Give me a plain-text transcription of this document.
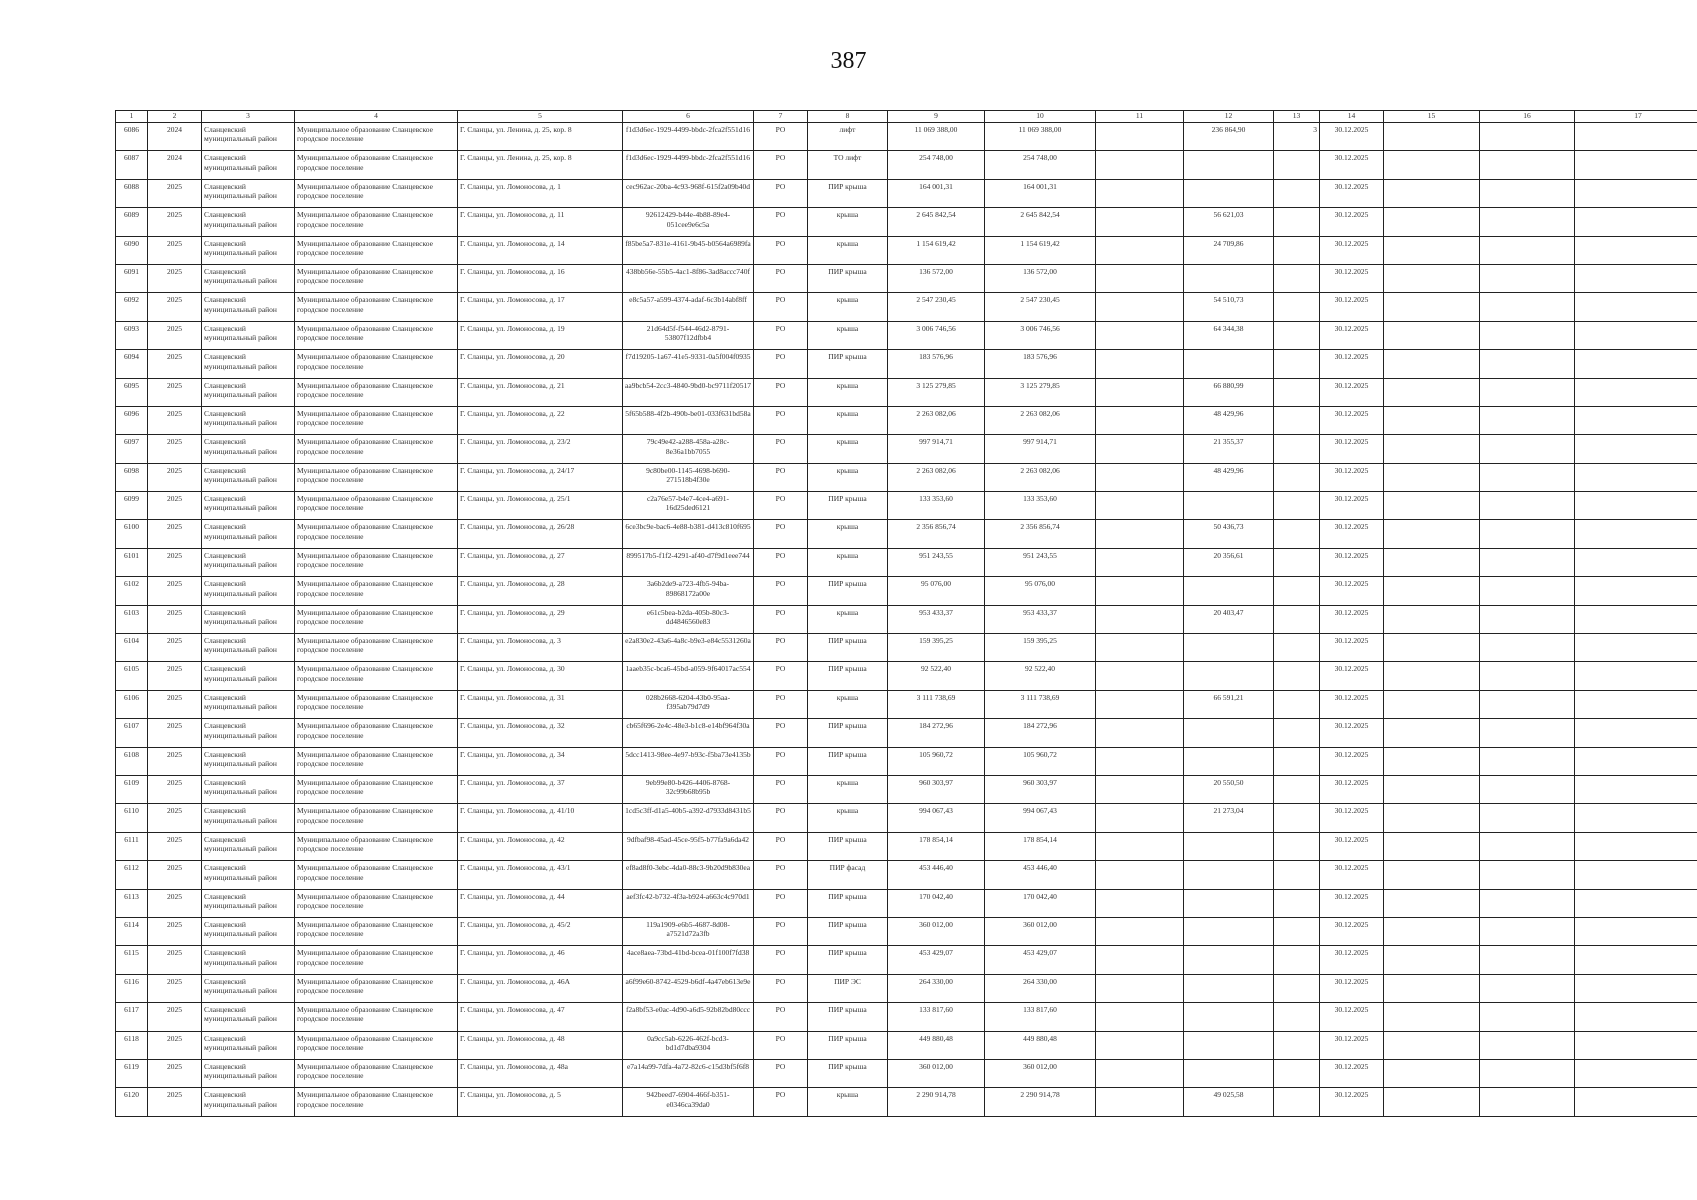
387
1	2	3	4	5	6	7	8	9	10	11	12	13	14	15	16	17
6086	2024	Сланцевский муниципальный район	Муниципальное образование Сланцевское городское поселение	Г. Сланцы, ул. Ленина, д. 25, кор. 8	f1d3d6ec-1929-4499-bbdc-2fca2f551d16	РО	лифт	11 069 388,00	11 069 388,00		236 864,90	3	30.12.2025			
6087	2024	Сланцевский муниципальный район	Муниципальное образование Сланцевское городское поселение	Г. Сланцы, ул. Ленина, д. 25, кор. 8	f1d3d6ec-1929-4499-bbdc-2fca2f551d16	РО	ТО лифт	254 748,00	254 748,00				30.12.2025			
6088	2025	Сланцевский муниципальный район	Муниципальное образование Сланцевское городское поселение	Г. Сланцы, ул. Ломоносова, д. 1	cec962ac-20ba-4c93-968f-615f2a09b40d	РО	ПИР крыша	164 001,31	164 001,31				30.12.2025			
6089	2025	Сланцевский муниципальный район	Муниципальное образование Сланцевское городское поселение	Г. Сланцы, ул. Ломоносова, д. 11	92612429-b44e-4b88-89e4-051cee9e6c5a	РО	крыша	2 645 842,54	2 645 842,54		56 621,03		30.12.2025			
6090	2025	Сланцевский муниципальный район	Муниципальное образование Сланцевское городское поселение	Г. Сланцы, ул. Ломоносова, д. 14	f85be5a7-831e-4161-9b45-b0564a6989fa	РО	крыша	1 154 619,42	1 154 619,42		24 709,86		30.12.2025			
6091	2025	Сланцевский муниципальный район	Муниципальное образование Сланцевское городское поселение	Г. Сланцы, ул. Ломоносова, д. 16	438bb56e-55b5-4ac1-8f86-3ad8accc740f	РО	ПИР крыша	136 572,00	136 572,00				30.12.2025			
6092	2025	Сланцевский муниципальный район	Муниципальное образование Сланцевское городское поселение	Г. Сланцы, ул. Ломоносова, д. 17	e8c5a57-a599-4374-adaf-6c3b14abf8ff	РО	крыша	2 547 230,45	2 547 230,45		54 510,73		30.12.2025			
6093	2025	Сланцевский муниципальный район	Муниципальное образование Сланцевское городское поселение	Г. Сланцы, ул. Ломоносова, д. 19	21d64d5f-f544-46d2-8791-53807f12dfbb4	РО	крыша	3 006 746,56	3 006 746,56		64 344,38		30.12.2025			
6094	2025	Сланцевский муниципальный район	Муниципальное образование Сланцевское городское поселение	Г. Сланцы, ул. Ломоносова, д. 20	f7d19205-1a67-41e5-9331-0a5f004f0935	РО	ПИР крыша	183 576,96	183 576,96				30.12.2025			
6095	2025	Сланцевский муниципальный район	Муниципальное образование Сланцевское городское поселение	Г. Сланцы, ул. Ломоносова, д. 21	aa9bcb54-2cc3-4840-9bd0-bc9711f20517	РО	крыша	3 125 279,85	3 125 279,85		66 880,99		30.12.2025			
6096	2025	Сланцевский муниципальный район	Муниципальное образование Сланцевское городское поселение	Г. Сланцы, ул. Ломоносова, д. 22	5f65b588-4f2b-490b-be01-033f631bd58a	РО	крыша	2 263 082,06	2 263 082,06		48 429,96		30.12.2025			
6097	2025	Сланцевский муниципальный район	Муниципальное образование Сланцевское городское поселение	Г. Сланцы, ул. Ломоносова, д. 23/2	79c49e42-a288-458a-a28c-8e36a1bb7055	РО	крыша	997 914,71	997 914,71		21 355,37		30.12.2025			
6098	2025	Сланцевский муниципальный район	Муниципальное образование Сланцевское городское поселение	Г. Сланцы, ул. Ломоносова, д. 24/17	9c80be00-1145-4698-b690-271518b4f30e	РО	крыша	2 263 082,06	2 263 082,06		48 429,96		30.12.2025			
6099	2025	Сланцевский муниципальный район	Муниципальное образование Сланцевское городское поселение	Г. Сланцы, ул. Ломоносова, д. 25/1	c2a76e57-b4e7-4ce4-a691-16d25ded6121	РО	ПИР крыша	133 353,60	133 353,60				30.12.2025			
6100	2025	Сланцевский муниципальный район	Муниципальное образование Сланцевское городское поселение	Г. Сланцы, ул. Ломоносова, д. 26/28	6ce3bc9e-bac6-4e88-b381-d413c810f695	РО	крыша	2 356 856,74	2 356 856,74		50 436,73		30.12.2025			
6101	2025	Сланцевский муниципальный район	Муниципальное образование Сланцевское городское поселение	Г. Сланцы, ул. Ломоносова, д. 27	899517b5-f1f2-4291-af40-d7f9d1eee744	РО	крыша	951 243,55	951 243,55		20 356,61		30.12.2025			
6102	2025	Сланцевский муниципальный район	Муниципальное образование Сланцевское городское поселение	Г. Сланцы, ул. Ломоносова, д. 28	3a6b2de9-a723-4fb5-94ba-89868172a00e	РО	ПИР крыша	95 076,00	95 076,00				30.12.2025			
6103	2025	Сланцевский муниципальный район	Муниципальное образование Сланцевское городское поселение	Г. Сланцы, ул. Ломоносова, д. 29	e61c5bea-b2da-405b-80c3-dd4846560e83	РО	крыша	953 433,37	953 433,37		20 403,47		30.12.2025			
6104	2025	Сланцевский муниципальный район	Муниципальное образование Сланцевское городское поселение	Г. Сланцы, ул. Ломоносова, д. 3	e2a830e2-43a6-4a8c-b9e3-e84c5531260a	РО	ПИР крыша	159 395,25	159 395,25				30.12.2025			
6105	2025	Сланцевский муниципальный район	Муниципальное образование Сланцевское городское поселение	Г. Сланцы, ул. Ломоносова, д. 30	1aaeb35c-bca6-45bd-a059-9f64017ac554	РО	ПИР крыша	92 522,40	92 522,40				30.12.2025			
6106	2025	Сланцевский муниципальный район	Муниципальное образование Сланцевское городское поселение	Г. Сланцы, ул. Ломоносова, д. 31	028b2668-6204-43b0-95aa-f395ab79d7d9	РО	крыша	3 111 738,69	3 111 738,69		66 591,21		30.12.2025			
6107	2025	Сланцевский муниципальный район	Муниципальное образование Сланцевское городское поселение	Г. Сланцы, ул. Ломоносова, д. 32	cb65f696-2e4c-48e3-b1c8-e14bf964f30a	РО	ПИР крыша	184 272,96	184 272,96				30.12.2025			
6108	2025	Сланцевский муниципальный район	Муниципальное образование Сланцевское городское поселение	Г. Сланцы, ул. Ломоносова, д. 34	5dcc1413-98ee-4e97-b93c-f5ba73e4135b	РО	ПИР крыша	105 960,72	105 960,72				30.12.2025			
6109	2025	Сланцевский муниципальный район	Муниципальное образование Сланцевское городское поселение	Г. Сланцы, ул. Ломоносова, д. 37	9eb99e80-b426-4406-8768-32c99b68b95b	РО	крыша	960 303,97	960 303,97		20 550,50		30.12.2025			
6110	2025	Сланцевский муниципальный район	Муниципальное образование Сланцевское городское поселение	Г. Сланцы, ул. Ломоносова, д. 41/10	1cd5c3ff-d1a5-40b5-a392-d7933d8431b5	РО	крыша	994 067,43	994 067,43		21 273,04		30.12.2025			
6111	2025	Сланцевский муниципальный район	Муниципальное образование Сланцевское городское поселение	Г. Сланцы, ул. Ломоносова, д. 42	9dfbaf98-45ad-45ce-95f5-b77fa9a6da42	РО	ПИР крыша	178 854,14	178 854,14				30.12.2025			
6112	2025	Сланцевский муниципальный район	Муниципальное образование Сланцевское городское поселение	Г. Сланцы, ул. Ломоносова, д. 43/1	ef8ad8f0-3ebc-4da0-88c3-9b20d9b830ea	РО	ПИР фасад	453 446,40	453 446,40				30.12.2025			
6113	2025	Сланцевский муниципальный район	Муниципальное образование Сланцевское городское поселение	Г. Сланцы, ул. Ломоносова, д. 44	aef3fc42-b732-4f3a-b924-a663c4c970d1	РО	ПИР крыша	170 042,40	170 042,40				30.12.2025			
6114	2025	Сланцевский муниципальный район	Муниципальное образование Сланцевское городское поселение	Г. Сланцы, ул. Ломоносова, д. 45/2	119a1909-e6b5-4687-8d08-a7521d72a3fb	РО	ПИР крыша	360 012,00	360 012,00				30.12.2025			
6115	2025	Сланцевский муниципальный район	Муниципальное образование Сланцевское городское поселение	Г. Сланцы, ул. Ломоносова, д. 46	4ace8aea-73bd-41bd-bcea-01f100f7fd38	РО	ПИР крыша	453 429,07	453 429,07				30.12.2025			
6116	2025	Сланцевский муниципальный район	Муниципальное образование Сланцевское городское поселение	Г. Сланцы, ул. Ломоносова, д. 46А	a6f99e60-8742-4529-b6df-4a47eb613e9e	РО	ПИР ЭС	264 330,00	264 330,00				30.12.2025			
6117	2025	Сланцевский муниципальный район	Муниципальное образование Сланцевское городское поселение	Г. Сланцы, ул. Ломоносова, д. 47	f2a8bf53-e0ac-4d90-a6d5-92b82bd80ccc	РО	ПИР крыша	133 817,60	133 817,60				30.12.2025			
6118	2025	Сланцевский муниципальный район	Муниципальное образование Сланцевское городское поселение	Г. Сланцы, ул. Ломоносова, д. 48	0a9cc5ab-6226-462f-bcd3-bd1d7dba9304	РО	ПИР крыша	449 880,48	449 880,48				30.12.2025			
6119	2025	Сланцевский муниципальный район	Муниципальное образование Сланцевское городское поселение	Г. Сланцы, ул. Ломоносова, д. 48а	e7a14a99-7dfa-4a72-82c6-c15d3bf5f6f8	РО	ПИР крыша	360 012,00	360 012,00				30.12.2025			
6120	2025	Сланцевский муниципальный район	Муниципальное образование Сланцевское городское поселение	Г. Сланцы, ул. Ломоносова, д. 5	942beed7-6904-466f-b351-e0346ca39da0	РО	крыша	2 290 914,78	2 290 914,78		49 025,58		30.12.2025			
